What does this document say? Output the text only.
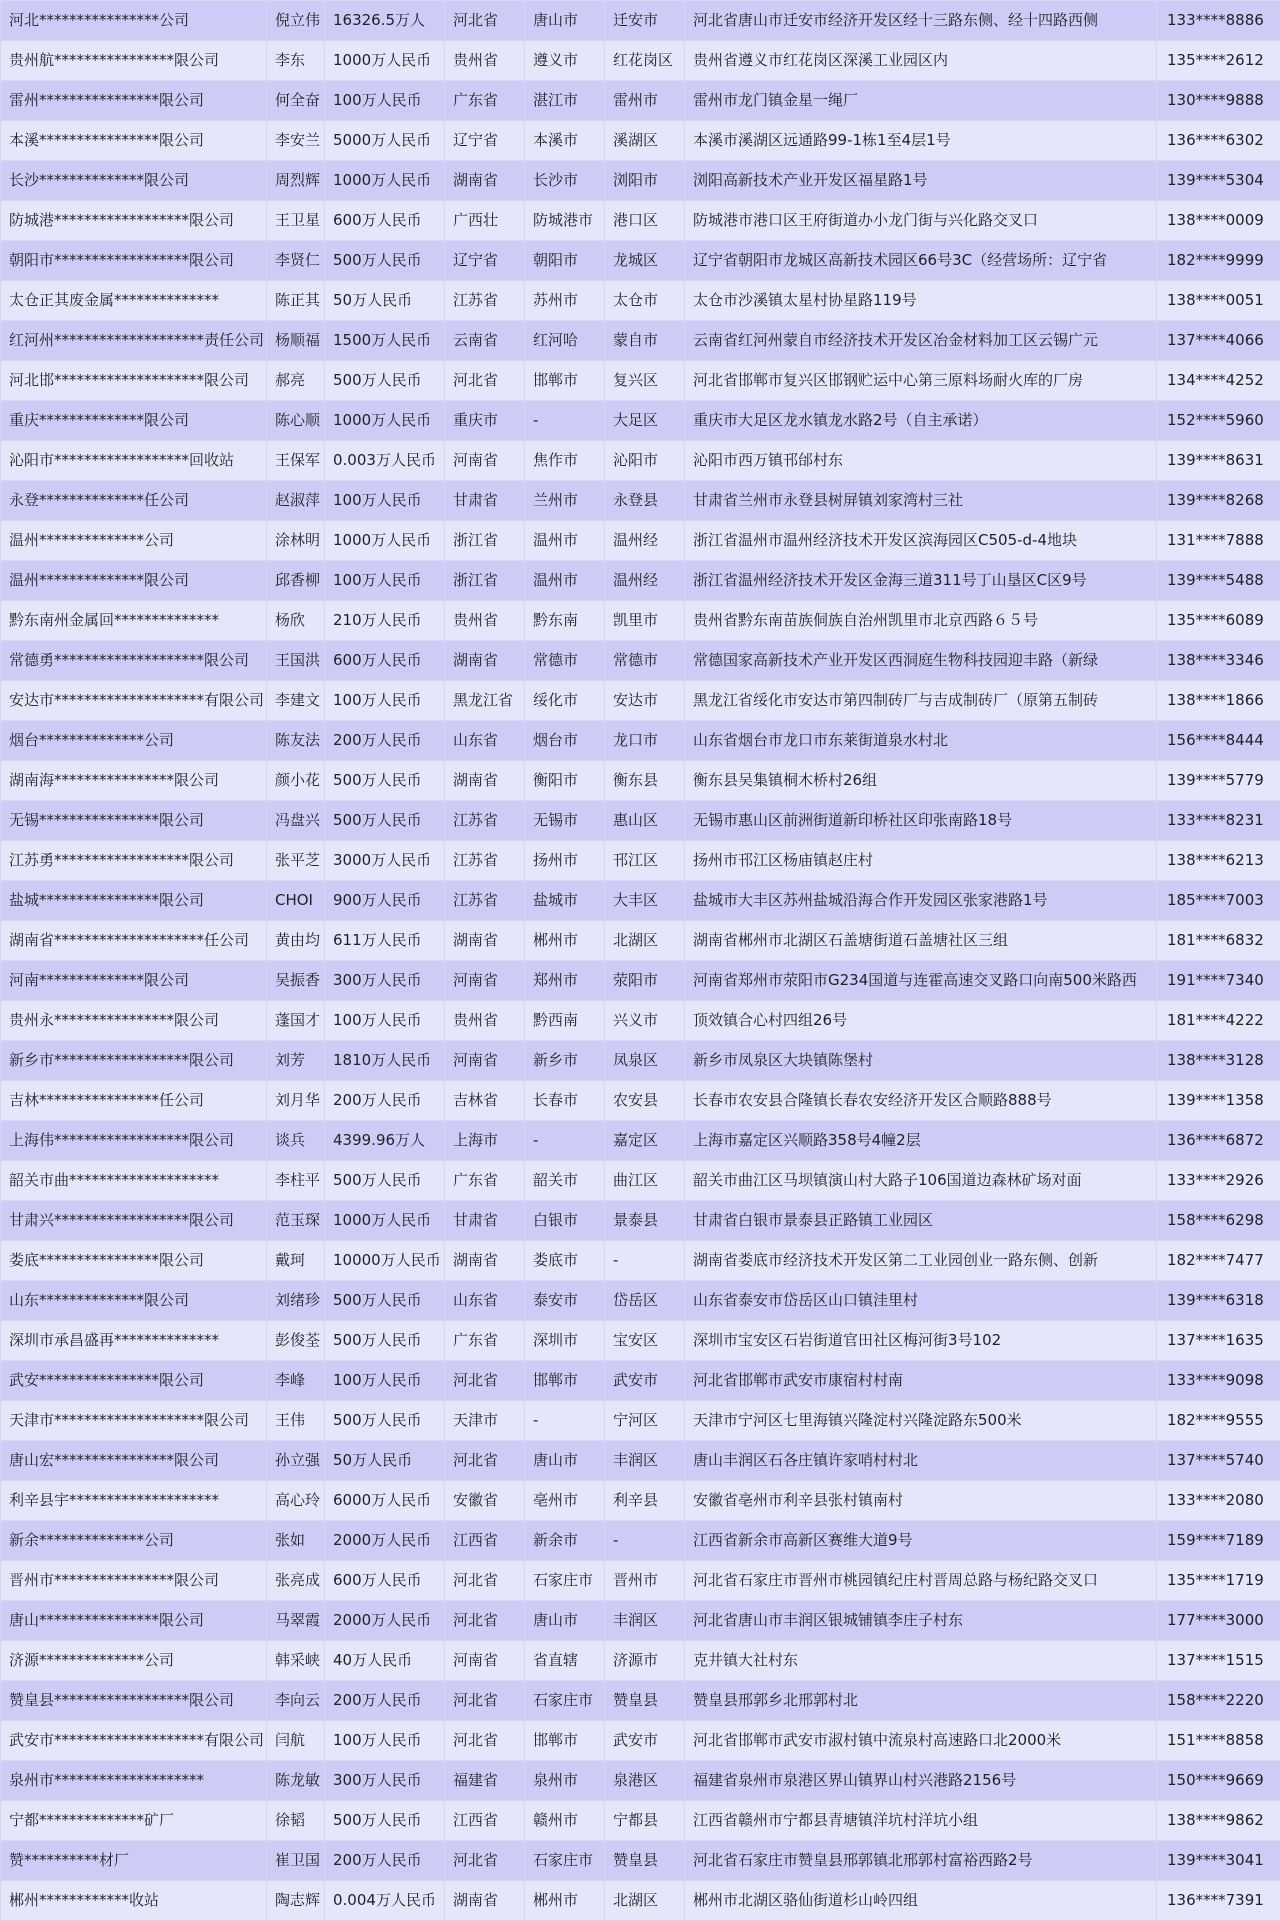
河北****************公司	倪立伟	16326.5万人	河北省	唐山市	迁安市	河北省唐山市迁安市经济开发区经十三路东侧、经十四路西侧	133****8886
贵州航****************限公司	李东	1000万人民币	贵州省	遵义市	红花岗区	贵州省遵义市红花岗区深溪工业园区内	135****2612
雷州****************限公司	何全奋	100万人民币	广东省	湛江市	雷州市	雷州市龙门镇金星一绳厂	130****9888
本溪****************限公司	李安兰	5000万人民币	辽宁省	本溪市	溪湖区	本溪市溪湖区远通路99-1栋1至4层1号	136****6302
长沙**************限公司	周烈辉	1000万人民币	湖南省	长沙市	浏阳市	浏阳高新技术产业开发区福星路1号	139****5304
防城港******************限公司	王卫星	600万人民币	广西壮	防城港市	港口区	防城港市港口区王府街道办小龙门街与兴化路交叉口	138****0009
朝阳市******************限公司	李贤仁	500万人民币	辽宁省	朝阳市	龙城区	辽宁省朝阳市龙城区高新技术园区66号3C（经营场所：辽宁省	182****9999
太仓正其废金属**************	陈正其	50万人民币	江苏省	苏州市	太仓市	太仓市沙溪镇太星村协星路119号	138****0051
红河州********************责任公司	杨顺福	1500万人民币	云南省	红河哈	蒙自市	云南省红河州蒙自市经济技术开发区冶金材料加工区云锡广元	137****4066
河北邯********************限公司	郝亮	500万人民币	河北省	邯郸市	复兴区	河北省邯郸市复兴区邯钢贮运中心第三原料场耐火库的厂房	134****4252
重庆**************限公司	陈心顺	1000万人民币	重庆市	-	大足区	重庆市大足区龙水镇龙水路2号（自主承诺）	152****5960
沁阳市******************回收站	王保军	0.003万人民币	河南省	焦作市	沁阳市	沁阳市西万镇邗邰村东	139****8631
永登**************任公司	赵淑萍	100万人民币	甘肃省	兰州市	永登县	甘肃省兰州市永登县树屏镇刘家湾村三社	139****8268
温州**************公司	涂林明	1000万人民币	浙江省	温州市	温州经	浙江省温州市温州经济技术开发区滨海园区C505-d-4地块	131****7888
温州**************限公司	邱香柳	100万人民币	浙江省	温州市	温州经	浙江省温州经济技术开发区金海三道311号丁山垦区C区9号	139****5488
黔东南州金属回**************	杨欣	210万人民币	贵州省	黔东南	凯里市	贵州省黔东南苗族侗族自治州凯里市北京西路６５号	135****6089
常德勇********************限公司	王国洪	600万人民币	湖南省	常德市	常德市	常德国家高新技术产业开发区西洞庭生物科技园迎丰路（新绿	138****3346
安达市********************有限公司	李建文	100万人民币	黑龙江省	绥化市	安达市	黑龙江省绥化市安达市第四制砖厂与吉成制砖厂（原第五制砖	138****1866
烟台**************公司	陈友法	200万人民币	山东省	烟台市	龙口市	山东省烟台市龙口市东莱街道泉水村北	156****8444
湖南海****************限公司	颜小花	500万人民币	湖南省	衡阳市	衡东县	衡东县吴集镇桐木桥村26组	139****5779
无锡****************限公司	冯盘兴	500万人民币	江苏省	无锡市	惠山区	无锡市惠山区前洲街道新印桥社区印张南路18号	133****8231
江苏勇******************限公司	张平芝	3000万人民币	江苏省	扬州市	邗江区	扬州市邗江区杨庙镇赵庄村	138****6213
盐城****************限公司	CHOI	900万人民币	江苏省	盐城市	大丰区	盐城市大丰区苏州盐城沿海合作开发园区张家港路1号	185****7003
湖南省********************任公司	黄由均	611万人民币	湖南省	郴州市	北湖区	湖南省郴州市北湖区石盖塘街道石盖塘社区三组	181****6832
河南**************限公司	吴振香	300万人民币	河南省	郑州市	荥阳市	河南省郑州市荥阳市G234国道与连霍高速交叉路口向南500米路西	191****7340
贵州永****************限公司	蓬国才	100万人民币	贵州省	黔西南	兴义市	顶效镇合心村四组26号	181****4222
新乡市******************限公司	刘芳	1810万人民币	河南省	新乡市	凤泉区	新乡市凤泉区大块镇陈堡村	138****3128
吉林****************任公司	刘月华	200万人民币	吉林省	长春市	农安县	长春市农安县合隆镇长春农安经济开发区合顺路888号	139****1358
上海伟******************限公司	谈兵	4399.96万人	上海市	-	嘉定区	上海市嘉定区兴顺路358号4幢2层	136****6872
韶关市曲********************	李柱平	500万人民币	广东省	韶关市	曲江区	韶关市曲江区马坝镇演山村大路子106国道边森林矿场对面	133****2926
甘肃兴******************限公司	范玉琛	1000万人民币	甘肃省	白银市	景泰县	甘肃省白银市景泰县正路镇工业园区	158****6298
娄底****************限公司	戴珂	10000万人民币	湖南省	娄底市	-	湖南省娄底市经济技术开发区第二工业园创业一路东侧、创新	182****7477
山东**************限公司	刘绪珍	500万人民币	山东省	泰安市	岱岳区	山东省泰安市岱岳区山口镇洼里村	139****6318
深圳市承昌盛再**************	彭俊荃	500万人民币	广东省	深圳市	宝安区	深圳市宝安区石岩街道官田社区梅河街3号102	137****1635
武安****************限公司	李峰	100万人民币	河北省	邯郸市	武安市	河北省邯郸市武安市康宿村村南	133****9098
天津市********************限公司	王伟	500万人民币	天津市	-	宁河区	天津市宁河区七里海镇兴隆淀村兴隆淀路东500米	182****9555
唐山宏****************限公司	孙立强	50万人民币	河北省	唐山市	丰润区	唐山丰润区石各庄镇许家哨村村北	137****5740
利辛县宇********************	高心玲	6000万人民币	安徽省	亳州市	利辛县	安徽省亳州市利辛县张村镇南村	133****2080
新余**************公司	张如	2000万人民币	江西省	新余市	-	江西省新余市高新区赛维大道9号	159****7189
晋州市****************限公司	张亮成	600万人民币	河北省	石家庄市	晋州市	河北省石家庄市晋州市桃园镇纪庄村晋周总路与杨纪路交叉口	135****1719
唐山****************限公司	马翠霞	2000万人民币	河北省	唐山市	丰润区	河北省唐山市丰润区银城铺镇李庄子村东	177****3000
济源**************公司	韩采峡	40万人民币	河南省	省直辖	济源市	克井镇大社村东	137****1515
赞皇县******************限公司	李向云	200万人民币	河北省	石家庄市	赞皇县	赞皇县邢郭乡北邢郭村北	158****2220
武安市********************有限公司	闫航	100万人民币	河北省	邯郸市	武安市	河北省邯郸市武安市淑村镇中流泉村高速路口北2000米	151****8858
泉州市********************	陈龙敏	300万人民币	福建省	泉州市	泉港区	福建省泉州市泉港区界山镇界山村兴港路2156号	150****9669
宁都**************矿厂	徐韬	500万人民币	江西省	赣州市	宁都县	江西省赣州市宁都县青塘镇洋坑村洋坑小组	138****9862
赞**********材厂	崔卫国	200万人民币	河北省	石家庄市	赞皇县	河北省石家庄市赞皇县邢郭镇北邢郭村富裕西路2号	139****3041
郴州************收站	陶志辉	0.004万人民币	湖南省	郴州市	北湖区	郴州市北湖区骆仙街道杉山岭四组	136****7391
